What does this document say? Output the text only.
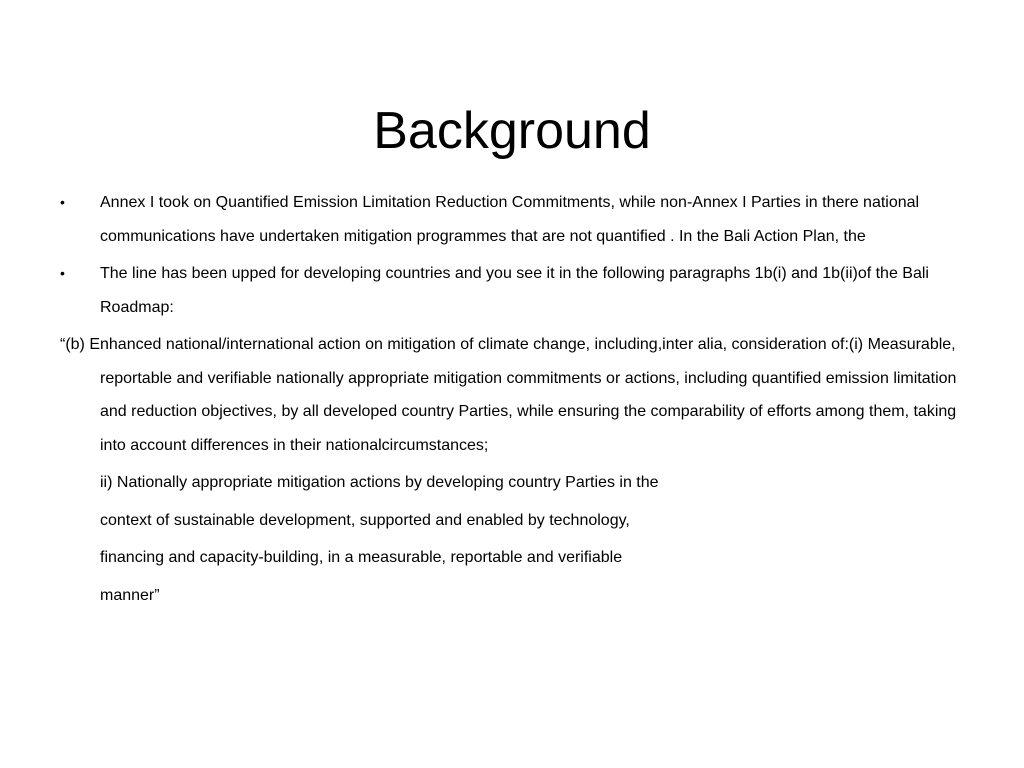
Background
•	Annex I took on Quantified Emission Limitation Reduction Commitments, while non-Annex I Parties in there national communications have undertaken mitigation programmes that are not quantified . In the Bali Action Plan, the
•	The line has been upped for developing countries and you see it in the following paragraphs 1b(i) and 1b(ii)of the Bali Roadmap:
“(b) Enhanced national/international action on mitigation of climate change, including,inter alia, consideration of:(i) Measurable, reportable and verifiable nationally appropriate mitigation commitments or actions, including quantified emission limitation and reduction objectives, by all developed country Parties, while ensuring the comparability of efforts among them, taking into account differences in their nationalcircumstances;
ii) Nationally appropriate mitigation actions by developing country Parties in the
context of sustainable development, supported and enabled by technology,
financing and capacity-building, in a measurable, reportable and verifiable
manner”
